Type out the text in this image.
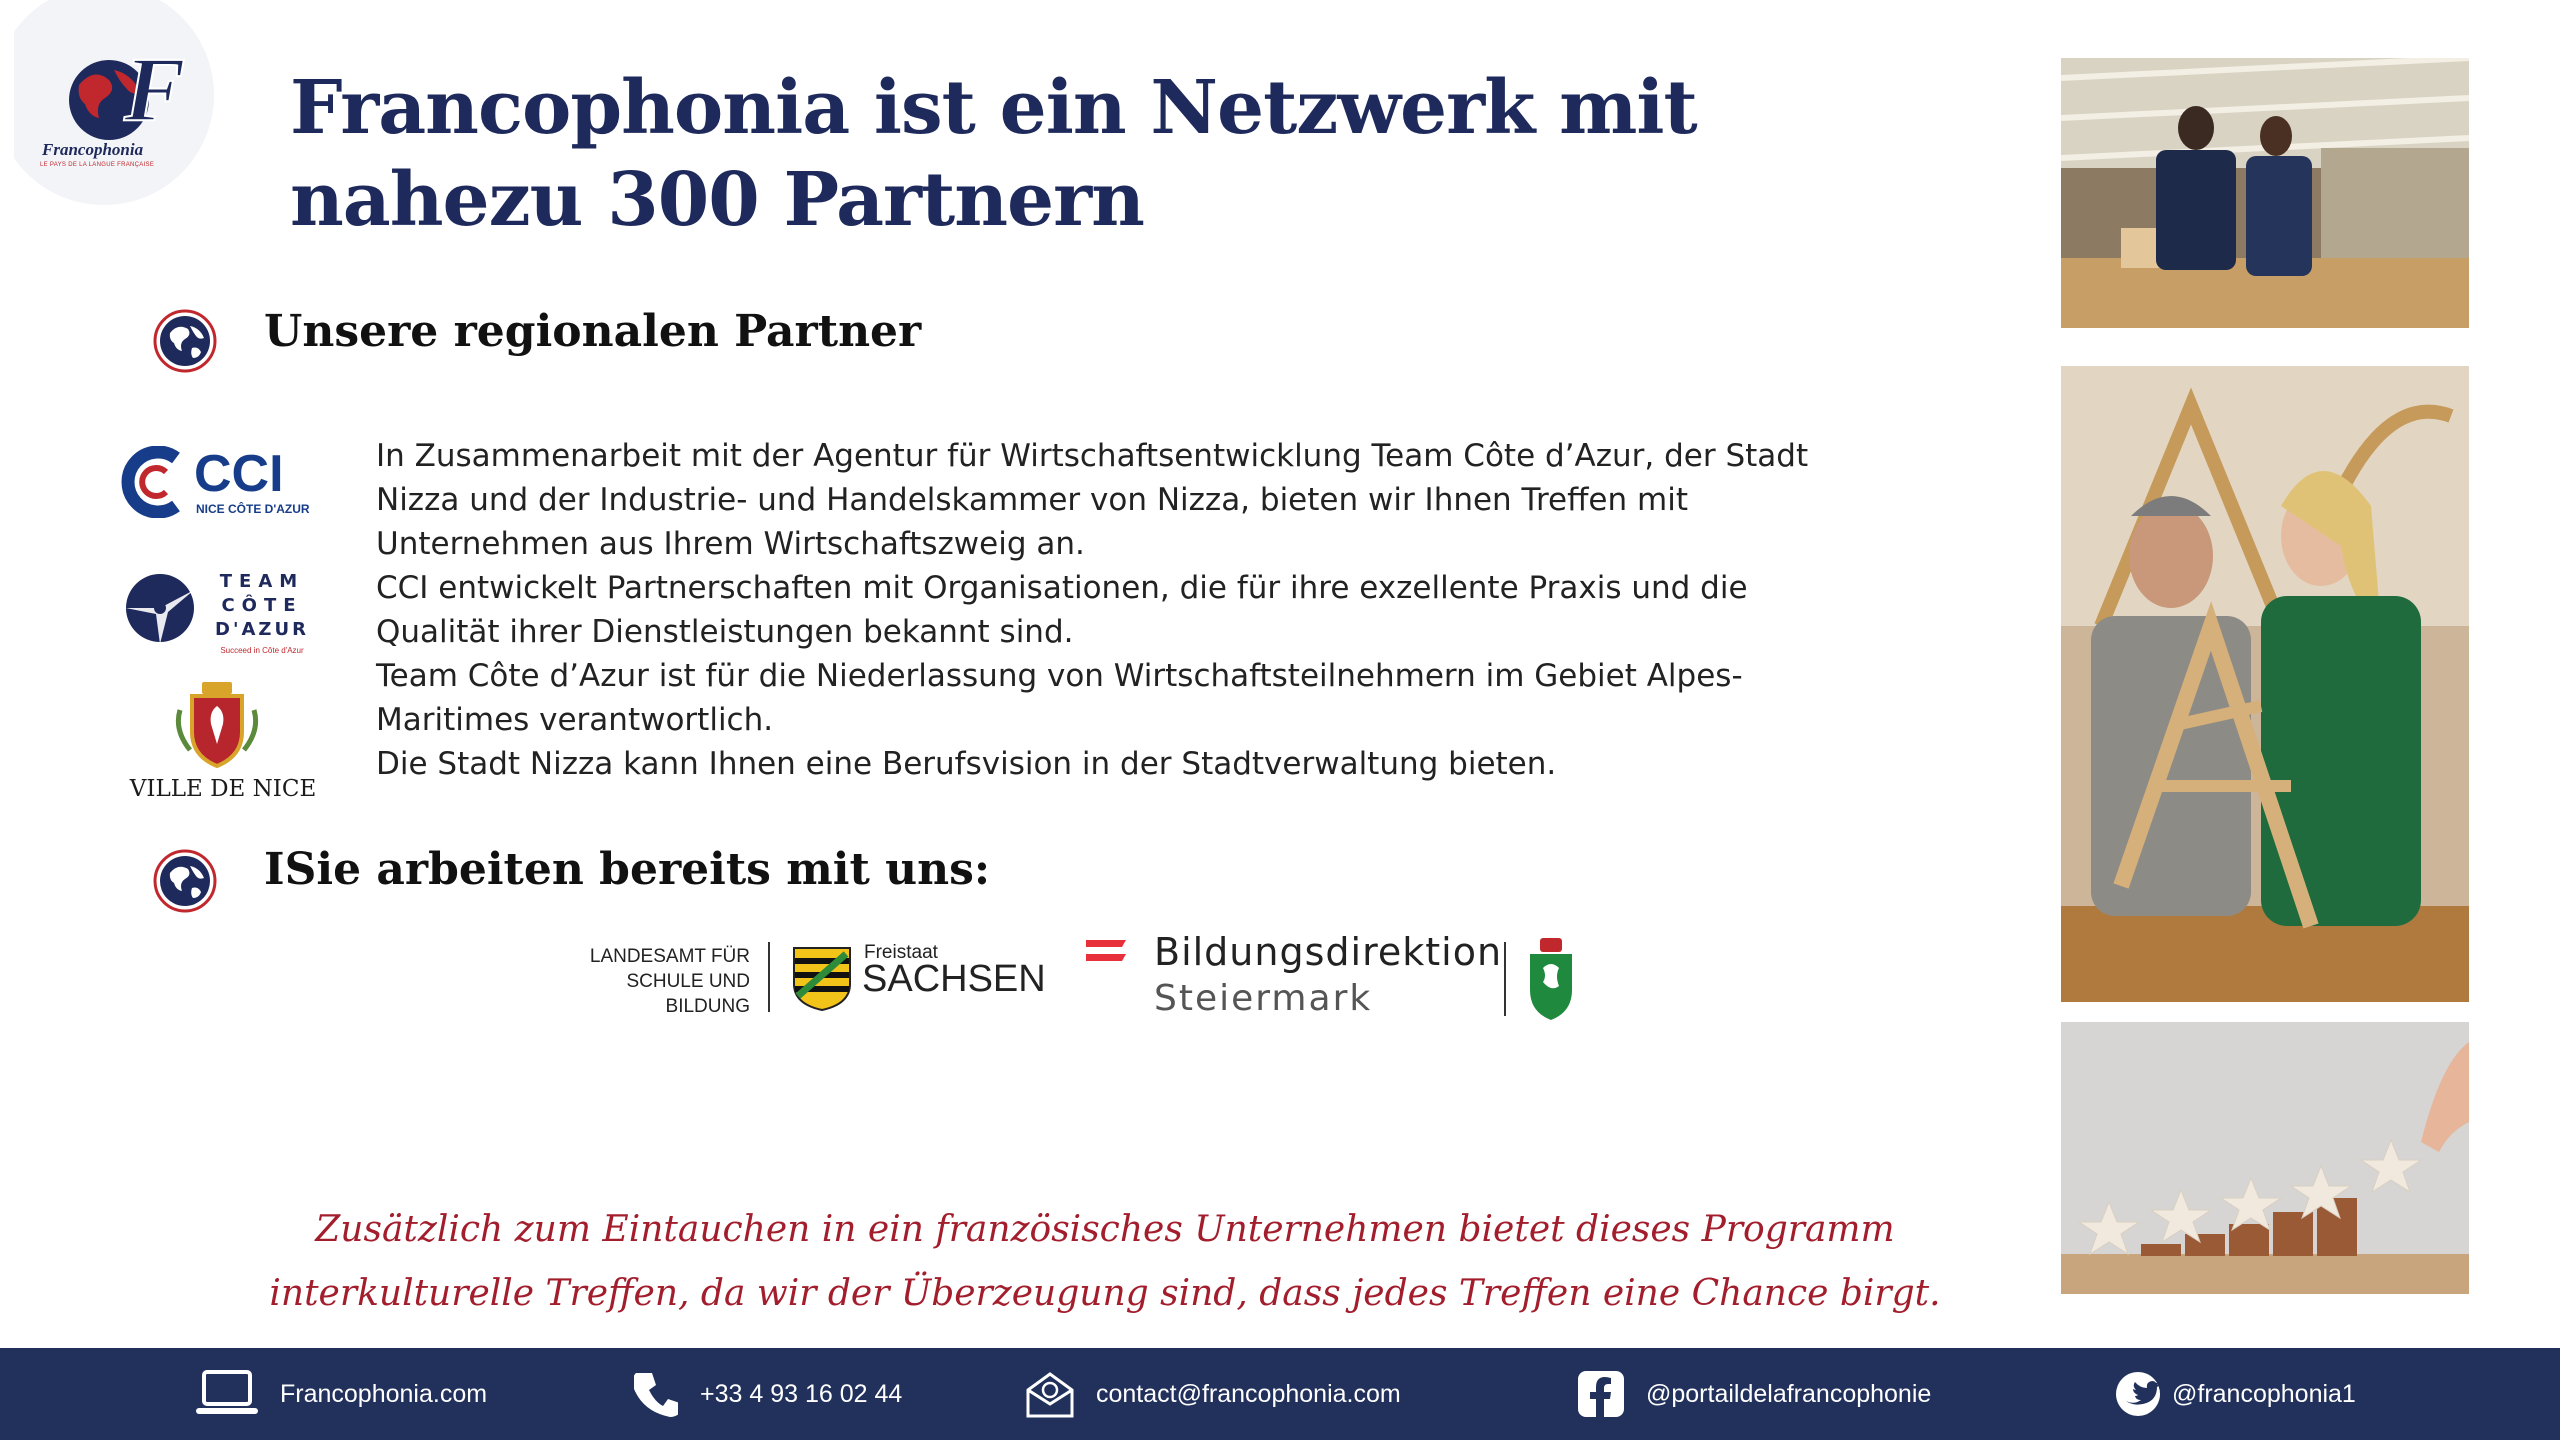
F
Francophonia
LE PAYS DE LA LANGUE FRANÇAISE
Francophonia ist ein Netzwerk mit nahezu 300 Partnern
Unsere regionalen Partner
CCI
NICE CÔTE D'AZUR
TEAM
CÔTE
D'AZUR
Succeed in Côte d'Azur
VILLE DE NICE

In Zusammenarbeit mit der Agentur für Wirtschaftsentwicklung Team Côte d’Azur, der Stadt Nizza und der Industrie- und Handelskammer von Nizza, bieten wir Ihnen Treffen mit Unternehmen aus Ihrem Wirtschaftszweig an.

CCI entwickelt Partnerschaften mit Organisationen, die für ihre exzellente Praxis und die Qualität ihrer Dienstleistungen bekannt sind.

Team Côte d’Azur ist für die Niederlassung von Wirtschaftsteilnehmern im Gebiet Alpes-Maritimes verantwortlich.

Die Stadt Nizza kann Ihnen eine Berufsvision in der Stadtverwaltung bieten.

ISie arbeiten bereits mit uns:
LANDESAMT FÜR
SCHULE UND BILDUNG
Freistaat
SACHSEN
Bildungsdirektion
Steiermark
Zusätzlich zum Eintauchen in ein französisches Unternehmen bietet dieses Programm interkulturelle Treffen, da wir der Überzeugung sind, dass jedes Treffen eine Chance birgt.
Francophonia.com	+33 4 93 16 02 44	contact@francophonia.com	@portaildelafrancophonie	@francophonia1
